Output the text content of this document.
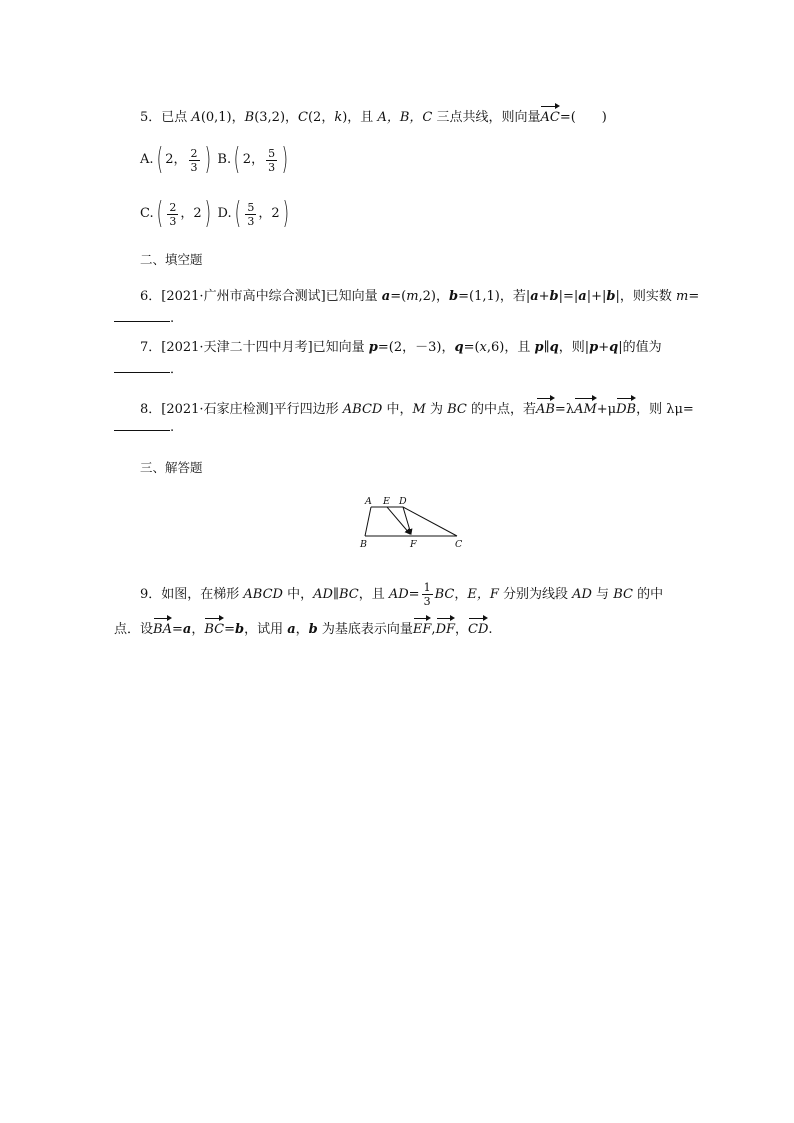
5．已点 A(0,1)，B(3,2)，C(2，k)，且 A，B，C 三点共线，则向量AC=(　　)
A. ( 2， $\frac{2}{3}$ )
B. ( 2， $\frac{5}{3}$ )
C. ( $\frac{2}{3}$ ， 2 )
D. ( $\frac{5}{3}$ ， 2 )
二、填空题
6．[2021·广州市高中综合测试]已知向量 a=(m,2)，b=(1,1)，若|a+b|=|a|+|b|，则实数 m=
.
7．[2021·天津二十四中月考]已知向量 p=(2，－3)，q=(x,6)，且 p∥q，则|p+q|的值为
．
8．[2021·石家庄检测]平行四边形 ABCD 中，M 为 BC 的中点，若AB=λAM+μDB，则 λμ=
.
三、解答题
A E D
B	F	C
9．如图，在梯形 ABCD 中，AD∥BC，且 $AD= \frac{1}{3}$ BC，E，F 分别为线段 AD 与 BC 的中
点．设BA=a，BC=b，试用 a，b 为基底表示向量EF,DF，CD.
